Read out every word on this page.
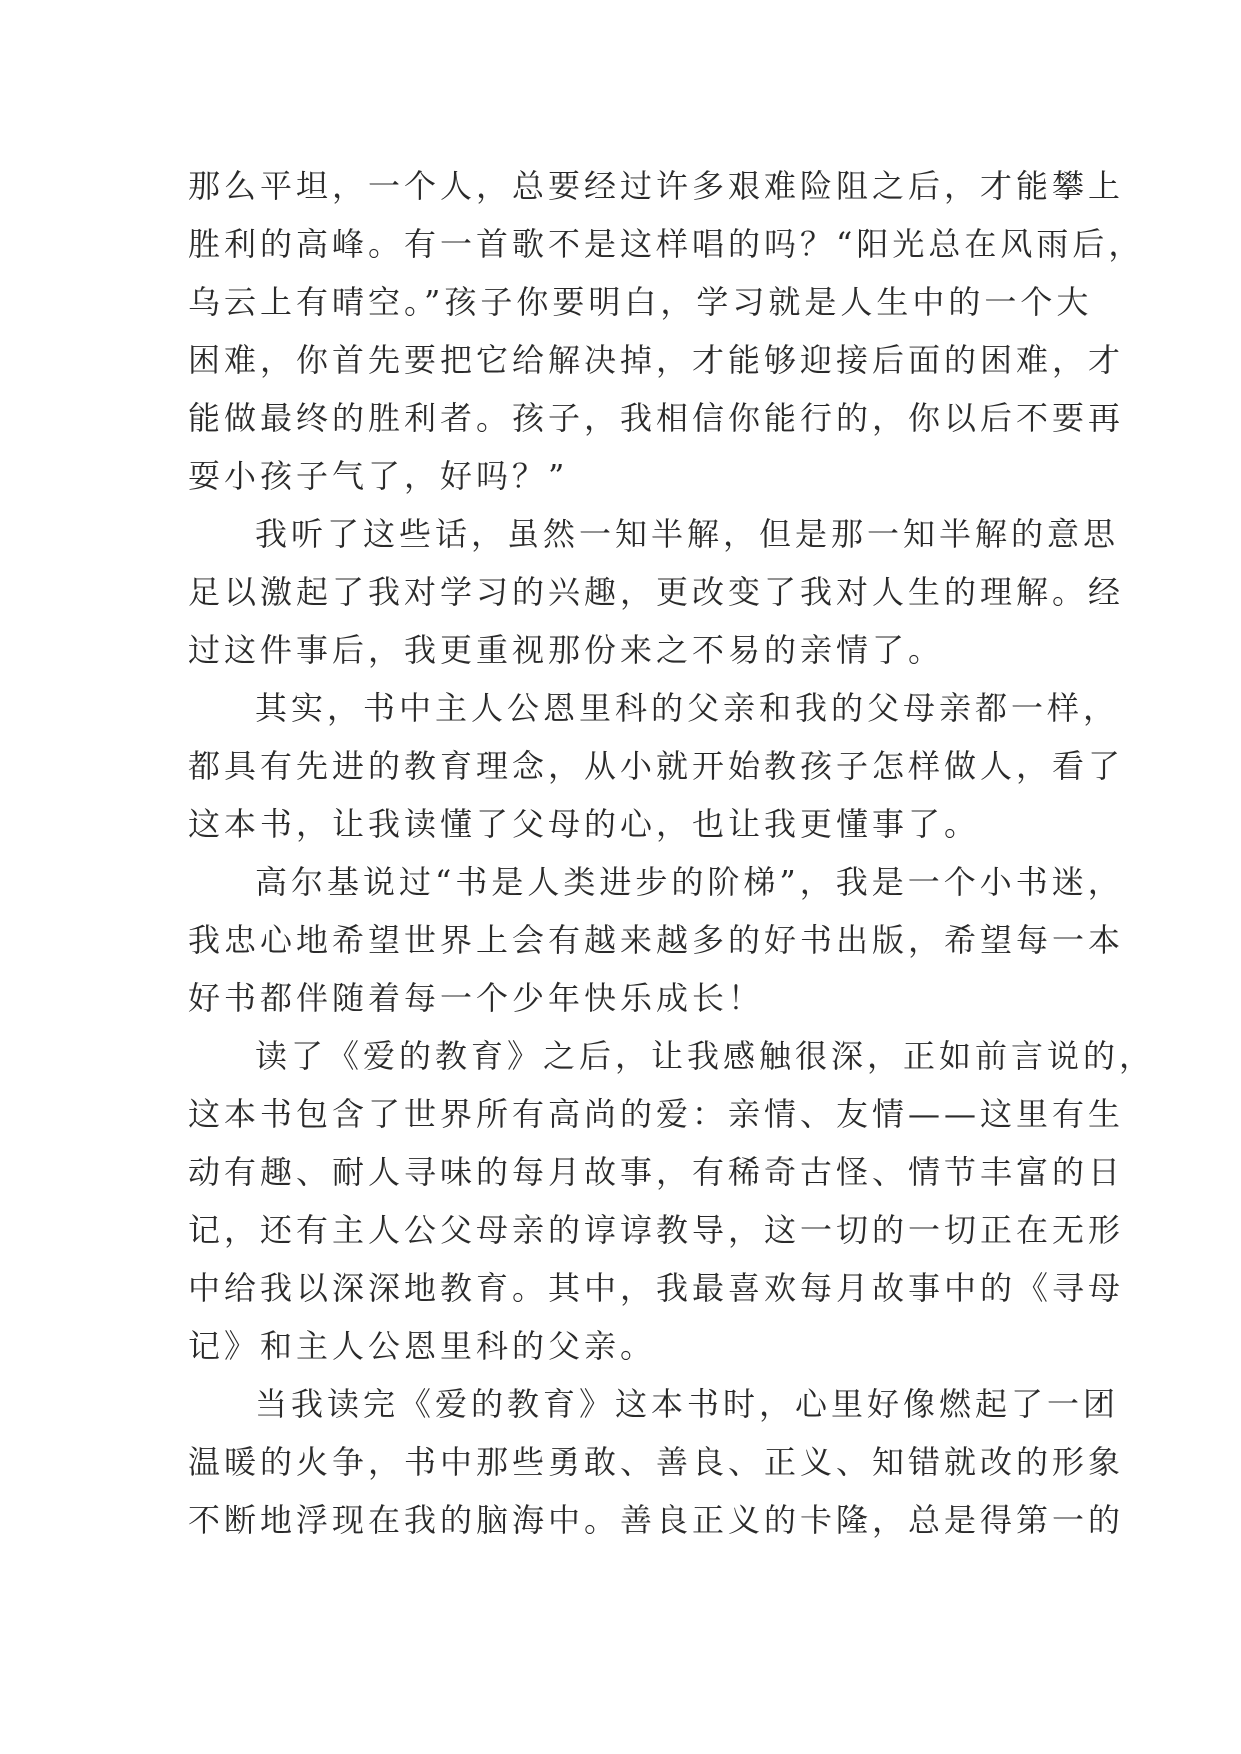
那么平坦，一个人，总要经过许多艰难险阻之后，才能攀上
胜利的高峰。有一首歌不是这样唱的吗？“阳光总在风雨后，
乌云上有晴空。”孩子你要明白，学习就是人生中的一个大
困难，你首先要把它给解决掉，才能够迎接后面的困难，才
能做最终的胜利者。孩子，我相信你能行的，你以后不要再
耍小孩子气了，好吗？”
我听了这些话，虽然一知半解，但是那一知半解的意思
足以激起了我对学习的兴趣，更改变了我对人生的理解。经
过这件事后，我更重视那份来之不易的亲情了。
其实，书中主人公恩里科的父亲和我的父母亲都一样，
都具有先进的教育理念，从小就开始教孩子怎样做人，看了
这本书，让我读懂了父母的心，也让我更懂事了。
高尔基说过“书是人类进步的阶梯”，我是一个小书迷，
我忠心地希望世界上会有越来越多的好书出版，希望每一本
好书都伴随着每一个少年快乐成长！
读了《爱的教育》之后，让我感触很深，正如前言说的，
这本书包含了世界所有高尚的爱：亲情、友情——这里有生
动有趣、耐人寻味的每月故事，有稀奇古怪、情节丰富的日
记，还有主人公父母亲的谆谆教导，这一切的一切正在无形
中给我以深深地教育。其中，我最喜欢每月故事中的《寻母
记》和主人公恩里科的父亲。
当我读完《爱的教育》这本书时，心里好像燃起了一团
温暖的火争，书中那些勇敢、善良、正义、知错就改的形象
不断地浮现在我的脑海中。善良正义的卡隆，总是得第一的
